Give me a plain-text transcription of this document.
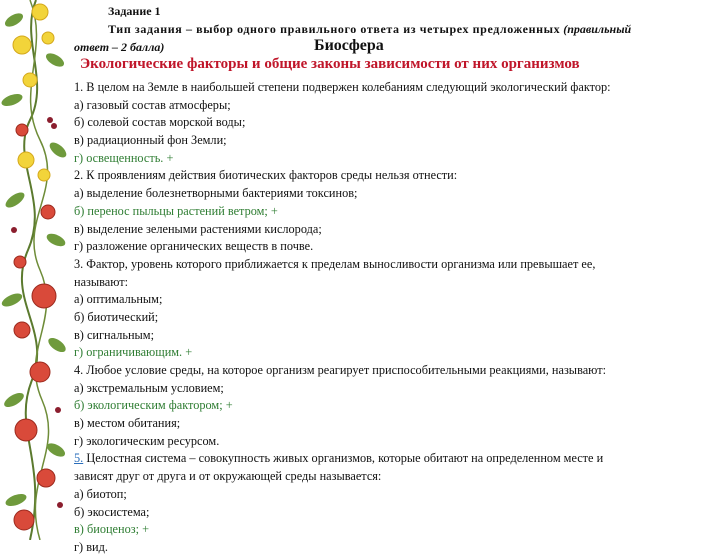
Задание 1
Тип задания – выбор одного правильного ответа из четырех предложенных (правильный
ответ – 2 балла)	Биосфера
Экологические факторы и общие законы зависимости от них организмов
1. В целом на Земле в наибольшей степени подвержен колебаниям следующий экологический фактор:
а) газовый состав атмосферы;
б) солевой состав морской воды;
в) радиационный фон Земли;
г) освещенность. +
2. К проявлениям действия биотических факторов среды нельзя отнести:
а) выделение болезнетворными бактериями токсинов;
б) перенос пыльцы растений ветром; +
в) выделение зелеными растениями кислорода;
г) разложение органических веществ в почве.
3. Фактор, уровень которого приближается к пределам выносливости организма или превышает ее,
называют:
а) оптимальным;
б) биотический;
в) сигнальным;
г) ограничивающим. +
4. Любое условие среды, на которое организм реагирует приспособительными реакциями, называют:
а) экстремальным условием;
б) экологическим фактором; +
в) местом обитания;
г) экологическим ресурсом.
5. Целостная система – совокупность живых организмов, которые обитают на определенном месте и
зависят друг от друга и от окружающей среды называется:
а) биотоп;
б) экосистема;
в) биоценоз; +
г) вид.
